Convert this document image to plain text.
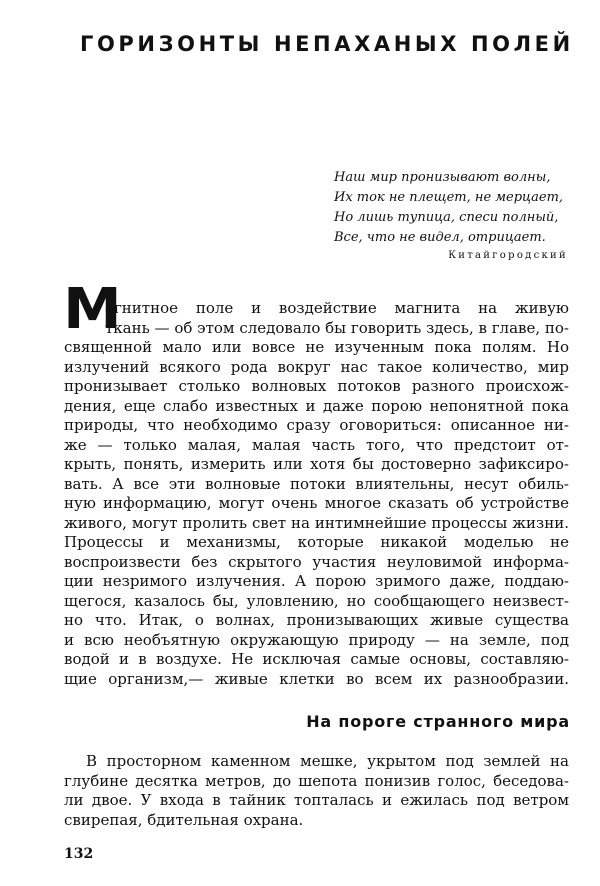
ГОРИЗОНТЫ НЕПАХАНЫХ ПОЛЕЙ
Наш мир пронизывают волны,
Их ток не плещет, не мерцает,
Но лишь тупица, спеси полный,
Все, что не видел, отрицает.
Китайгородский
М
агнитное поле и воздействие магнита на живую
ткань — об этом следовало бы говорить здесь, в главе, по-
священной мало или вовсе не изученным пока полям. Но
излучений всякого рода вокруг нас такое количество, мир
пронизывает столько волновых потоков разного происхож-
дения, еще слабо известных и даже порою непонятной пока
природы, что необходимо сразу оговориться: описанное ни-
же — только малая, малая часть того, что предстоит от-
крыть, понять, измерить или хотя бы достоверно зафиксиро-
вать. А все эти волновые потоки влиятельны, несут обиль-
ную информацию, могут очень многое сказать об устройстве
живого, могут пролить свет на интимнейшие процессы жизни.
Процессы и механизмы, которые никакой моделью не
воспроизвести без скрытого участия неуловимой информа-
ции незримого излучения. А порою зримого даже, поддаю-
щегося, казалось бы, уловлению, но сообщающего неизвест-
но что. Итак, о волнах, пронизывающих живые существа
и всю необъятную окружающую природу — на земле, под
водой и в воздухе. Не исключая самые основы, составляю-
щие организм,— живые клетки во всем их разнообразии.
На пороге странного мира
В просторном каменном мешке, укрытом под землей на
глубине десятка метров, до шепота понизив голос, беседова-
ли двое. У входа в тайник топталась и ежилась под ветром
свирепая, бдительная охрана.
132
